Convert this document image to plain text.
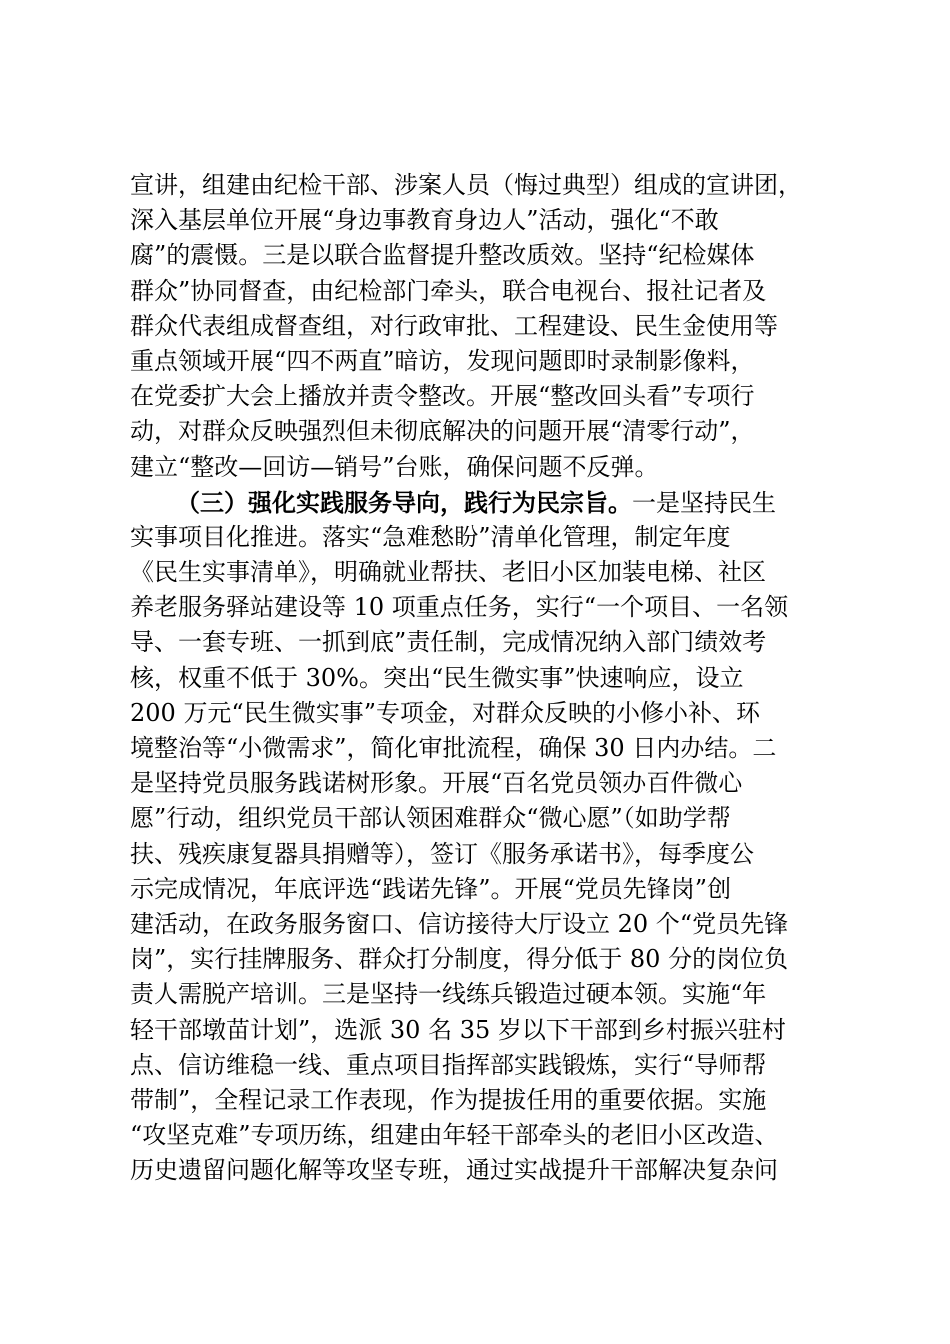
宣讲，组建由纪检干部、涉案人员（悔过典型）组成的宣讲团，
深入基层单位开展“身边事教育身边人”活动，强化“不敢
腐”的震慑。三是以联合监督提升整改质效。坚持“纪检媒体
群众”协同督查，由纪检部门牵头，联合电视台、报社记者及
群众代表组成督查组，对行政审批、工程建设、民生金使用等
重点领域开展“四不两直”暗访，发现问题即时录制影像料，
在党委扩大会上播放并责令整改。开展“整改回头看”专项行
动，对群众反映强烈但未彻底解决的问题开展“清零行动”，
建立“整改—回访—销号”台账，确保问题不反弹。
（三）强化实践服务导向，践行为民宗旨。一是坚持民生
实事项目化推进。落实“急难愁盼”清单化管理，制定年度
《民生实事清单》，明确就业帮扶、老旧小区加装电梯、社区
养老服务驿站建设等 10 项重点任务，实行“一个项目、一名领
导、一套专班、一抓到底”责任制，完成情况纳入部门绩效考
核，权重不低于 30%。突出“民生微实事”快速响应，设立
200 万元“民生微实事”专项金，对群众反映的小修小补、环
境整治等“小微需求”，简化审批流程，确保 30 日内办结。二
是坚持党员服务践诺树形象。开展“百名党员领办百件微心
愿”行动，组织党员干部认领困难群众“微心愿”（如助学帮
扶、残疾康复器具捐赠等），签订《服务承诺书》，每季度公
示完成情况，年底评选“践诺先锋”。开展“党员先锋岗”创
建活动，在政务服务窗口、信访接待大厅设立 20 个“党员先锋
岗”，实行挂牌服务、群众打分制度，得分低于 80 分的岗位负
责人需脱产培训。三是坚持一线练兵锻造过硬本领。实施“年
轻干部墩苗计划”，选派 30 名 35 岁以下干部到乡村振兴驻村
点、信访维稳一线、重点项目指挥部实践锻炼，实行“导师帮
带制”，全程记录工作表现，作为提拔任用的重要依据。实施
“攻坚克难”专项历练，组建由年轻干部牵头的老旧小区改造、
历史遗留问题化解等攻坚专班，通过实战提升干部解决复杂问
